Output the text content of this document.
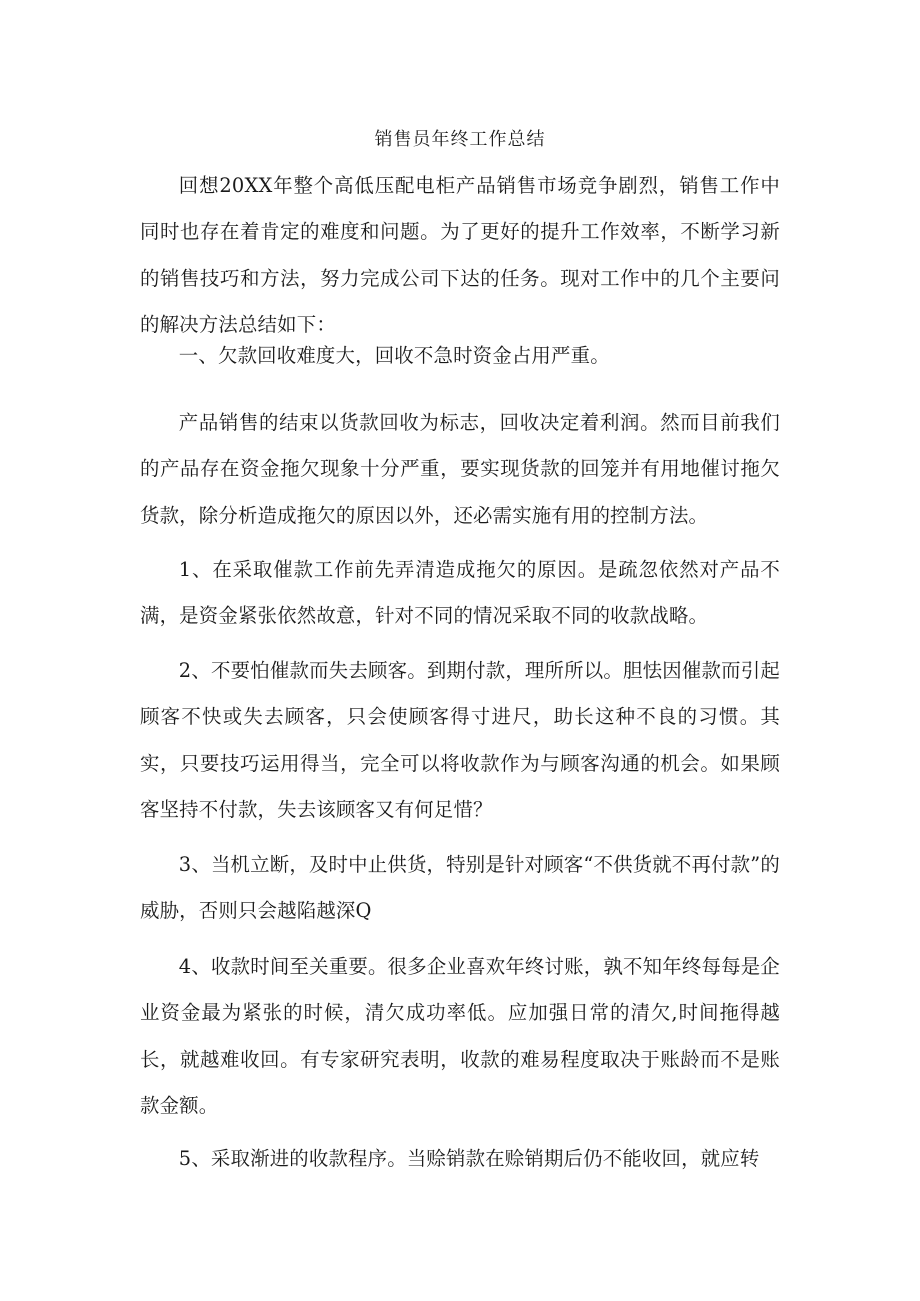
销售员年终工作总结

回想20XX年整个高低压配电柜产品销售市场竞争剧烈，销售工作中同时也存在着肯定的难度和问题。为了更好的提升工作效率，不断学习新的销售技巧和方法，努力完成公司下达的任务。现对工作中的几个主要问的解决方法总结如下：

一、欠款回收难度大，回收不急时资金占用严重。

产品销售的结束以货款回收为标志，回收决定着利润。然而目前我们的产品存在资金拖欠现象十分严重，要实现货款的回笼并有用地催讨拖欠货款，除分析造成拖欠的原因以外，还必需实施有用的控制方法。

1、在采取催款工作前先弄清造成拖欠的原因。是疏忽依然对产品不满，是资金紧张依然故意，针对不同的情况采取不同的收款战略。

2、不要怕催款而失去顾客。到期付款，理所所以。胆怯因催款而引起顾客不快或失去顾客，只会使顾客得寸进尺，助长这种不良的习惯。其实，只要技巧运用得当，完全可以将收款作为与顾客沟通的机会。如果顾客坚持不付款，失去该顾客又有何足惜？

3、当机立断，及时中止供货，特别是针对顾客“不供货就不再付款”的威胁，否则只会越陷越深Q

4、收款时间至关重要。很多企业喜欢年终讨账，孰不知年终每每是企业资金最为紧张的时候，清欠成功率低。应加强日常的清欠,时间拖得越长，就越难收回。有专家研究表明，收款的难易程度取决于账龄而不是账款金额。

5、采取渐进的收款程序。当赊销款在赊销期后仍不能收回，就应转
